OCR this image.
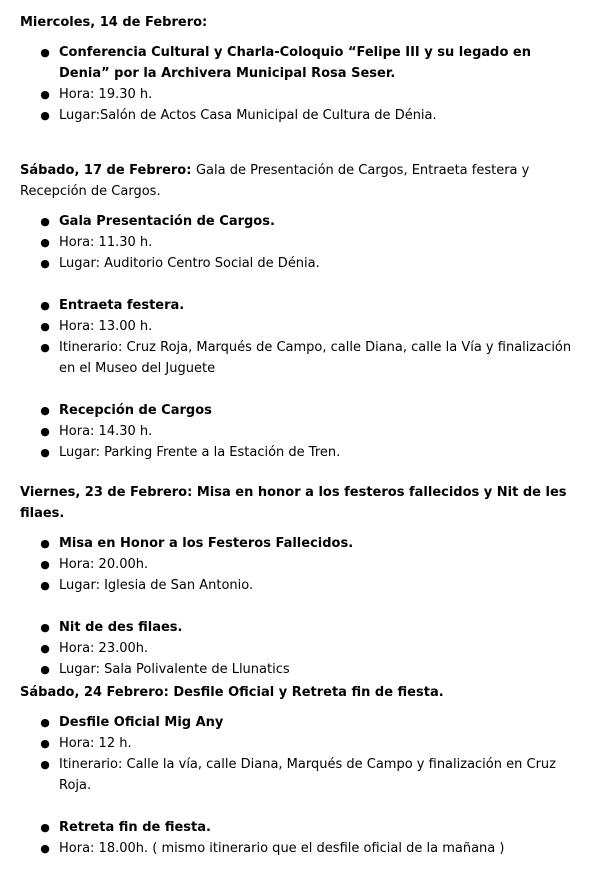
Miercoles, 14 de Febrero:

● Conferencia Cultural y Charla-Coloquio “Felipe III y su legado en Denia” por la Archivera Municipal Rosa Seser.
● Hora: 19.30 h.
● Lugar:Salón de Actos Casa Municipal de Cultura de Dénia.

Sábado, 17 de Febrero: Gala de Presentación de Cargos, Entraeta festera y Recepción de Cargos.

● Gala Presentación de Cargos.
● Hora: 11.30 h.
● Lugar: Auditorio Centro Social de Dénia.
● Entraeta festera.
● Hora: 13.00 h.
● Itinerario: Cruz Roja, Marqués de Campo, calle Diana, calle la Vía y finalización en el Museo del Juguete
● Recepción de Cargos
● Hora: 14.30 h.
● Lugar: Parking Frente a la Estación de Tren.

Viernes, 23 de Febrero: Misa en honor a los festeros fallecidos y Nit de les filaes.

● Misa en Honor a los Festeros Fallecidos.
● Hora: 20.00h.
● Lugar: Iglesia de San Antonio.
● Nit de des filaes.
● Hora: 23.00h.
● Lugar: Sala Polivalente de Llunatics

Sábado, 24 Febrero: Desfile Oficial y Retreta fin de fiesta.

● Desfile Oficial Mig Any
● Hora: 12 h.
● Itinerario: Calle la vía, calle Diana, Marqués de Campo y finalización en Cruz Roja.
● Retreta fin de fiesta.
● Hora: 18.00h. ( mismo itinerario que el desfile oficial de la mañana )
